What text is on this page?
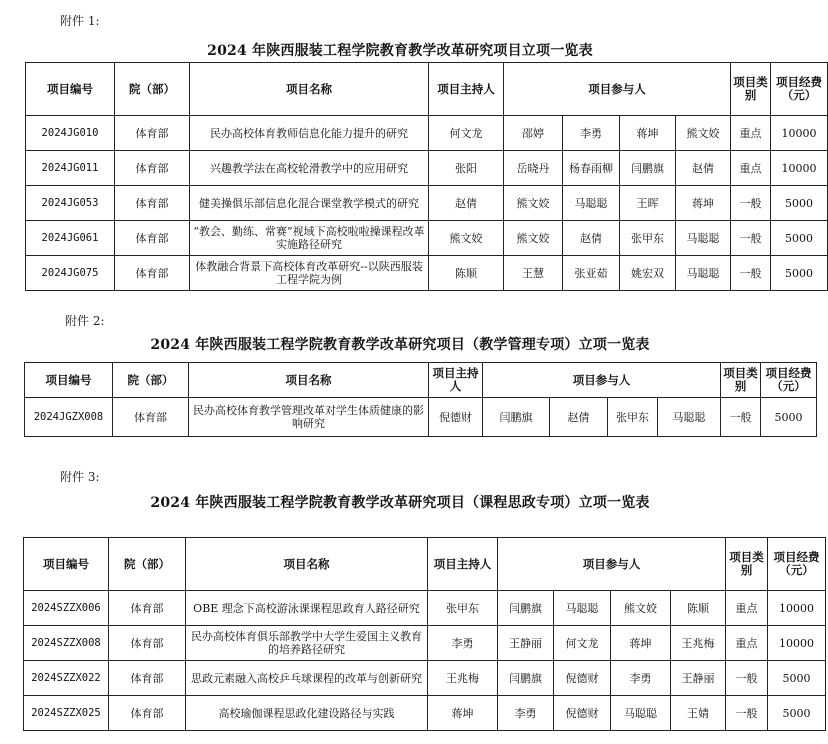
附件 1:
2024 年陕西服装工程学院教育教学改革研究项目立项一览表
项目编号	院（部）	项目名称	项目主持人	项目参与人				项目类别	项目经费（元）
2024JG010	体育部	民办高校体育教师信息化能力提升的研究	何文龙	邵婷	李勇	蒋坤	熊文姣	重点	10000
2024JG011	体育部	兴趣教学法在高校轮滑教学中的应用研究	张阳	岳晓丹	杨春雨柳	闫鹏旗	赵倩	重点	10000
2024JG053	体育部	健美操俱乐部信息化混合课堂教学模式的研究	赵倩	熊文姣	马聪聪	王晖	蒋坤	一般	5000
2024JG061	体育部	“教会、勤练、常赛”视域下高校啦啦操课程改革实施路径研究	熊文姣	熊文姣	赵倩	张甲东	马聪聪	一般	5000
2024JG075	体育部	体教融合背景下高校体育改革研究--以陕西服装工程学院为例	陈顺	王慧	张亚茹	姚宏双	马聪聪	一般	5000
附件 2:
2024 年陕西服装工程学院教育教学改革研究项目（教学管理专项）立项一览表
项目编号	院（部）	项目名称	项目主持人	项目参与人				项目类别	项目经费（元）
2024JGZX008	体育部	民办高校体育教学管理改革对学生体质健康的影响研究	倪德财	闫鹏旗	赵倩	张甲东	马聪聪	一般	5000
附件 3:
2024 年陕西服装工程学院教育教学改革研究项目（课程思政专项）立项一览表
项目编号	院（部）	项目名称	项目主持人	项目参与人				项目类别	项目经费（元）
2024SZZX006	体育部	OBE 理念下高校游泳课课程思政育人路径研究	张甲东	闫鹏旗	马聪聪	熊文姣	陈顺	重点	10000
2024SZZX008	体育部	民办高校体育俱乐部教学中大学生爱国主义教育的培养路径研究	李勇	王静丽	何文龙	蒋坤	王兆梅	重点	10000
2024SZZX022	体育部	思政元素融入高校乒乓球课程的改革与创新研究	王兆梅	闫鹏旗	倪德财	李勇	王静丽	一般	5000
2024SZZX025	体育部	高校瑜伽课程思政化建设路径与实践	蒋坤	李勇	倪德财	马聪聪	王婧	一般	5000
